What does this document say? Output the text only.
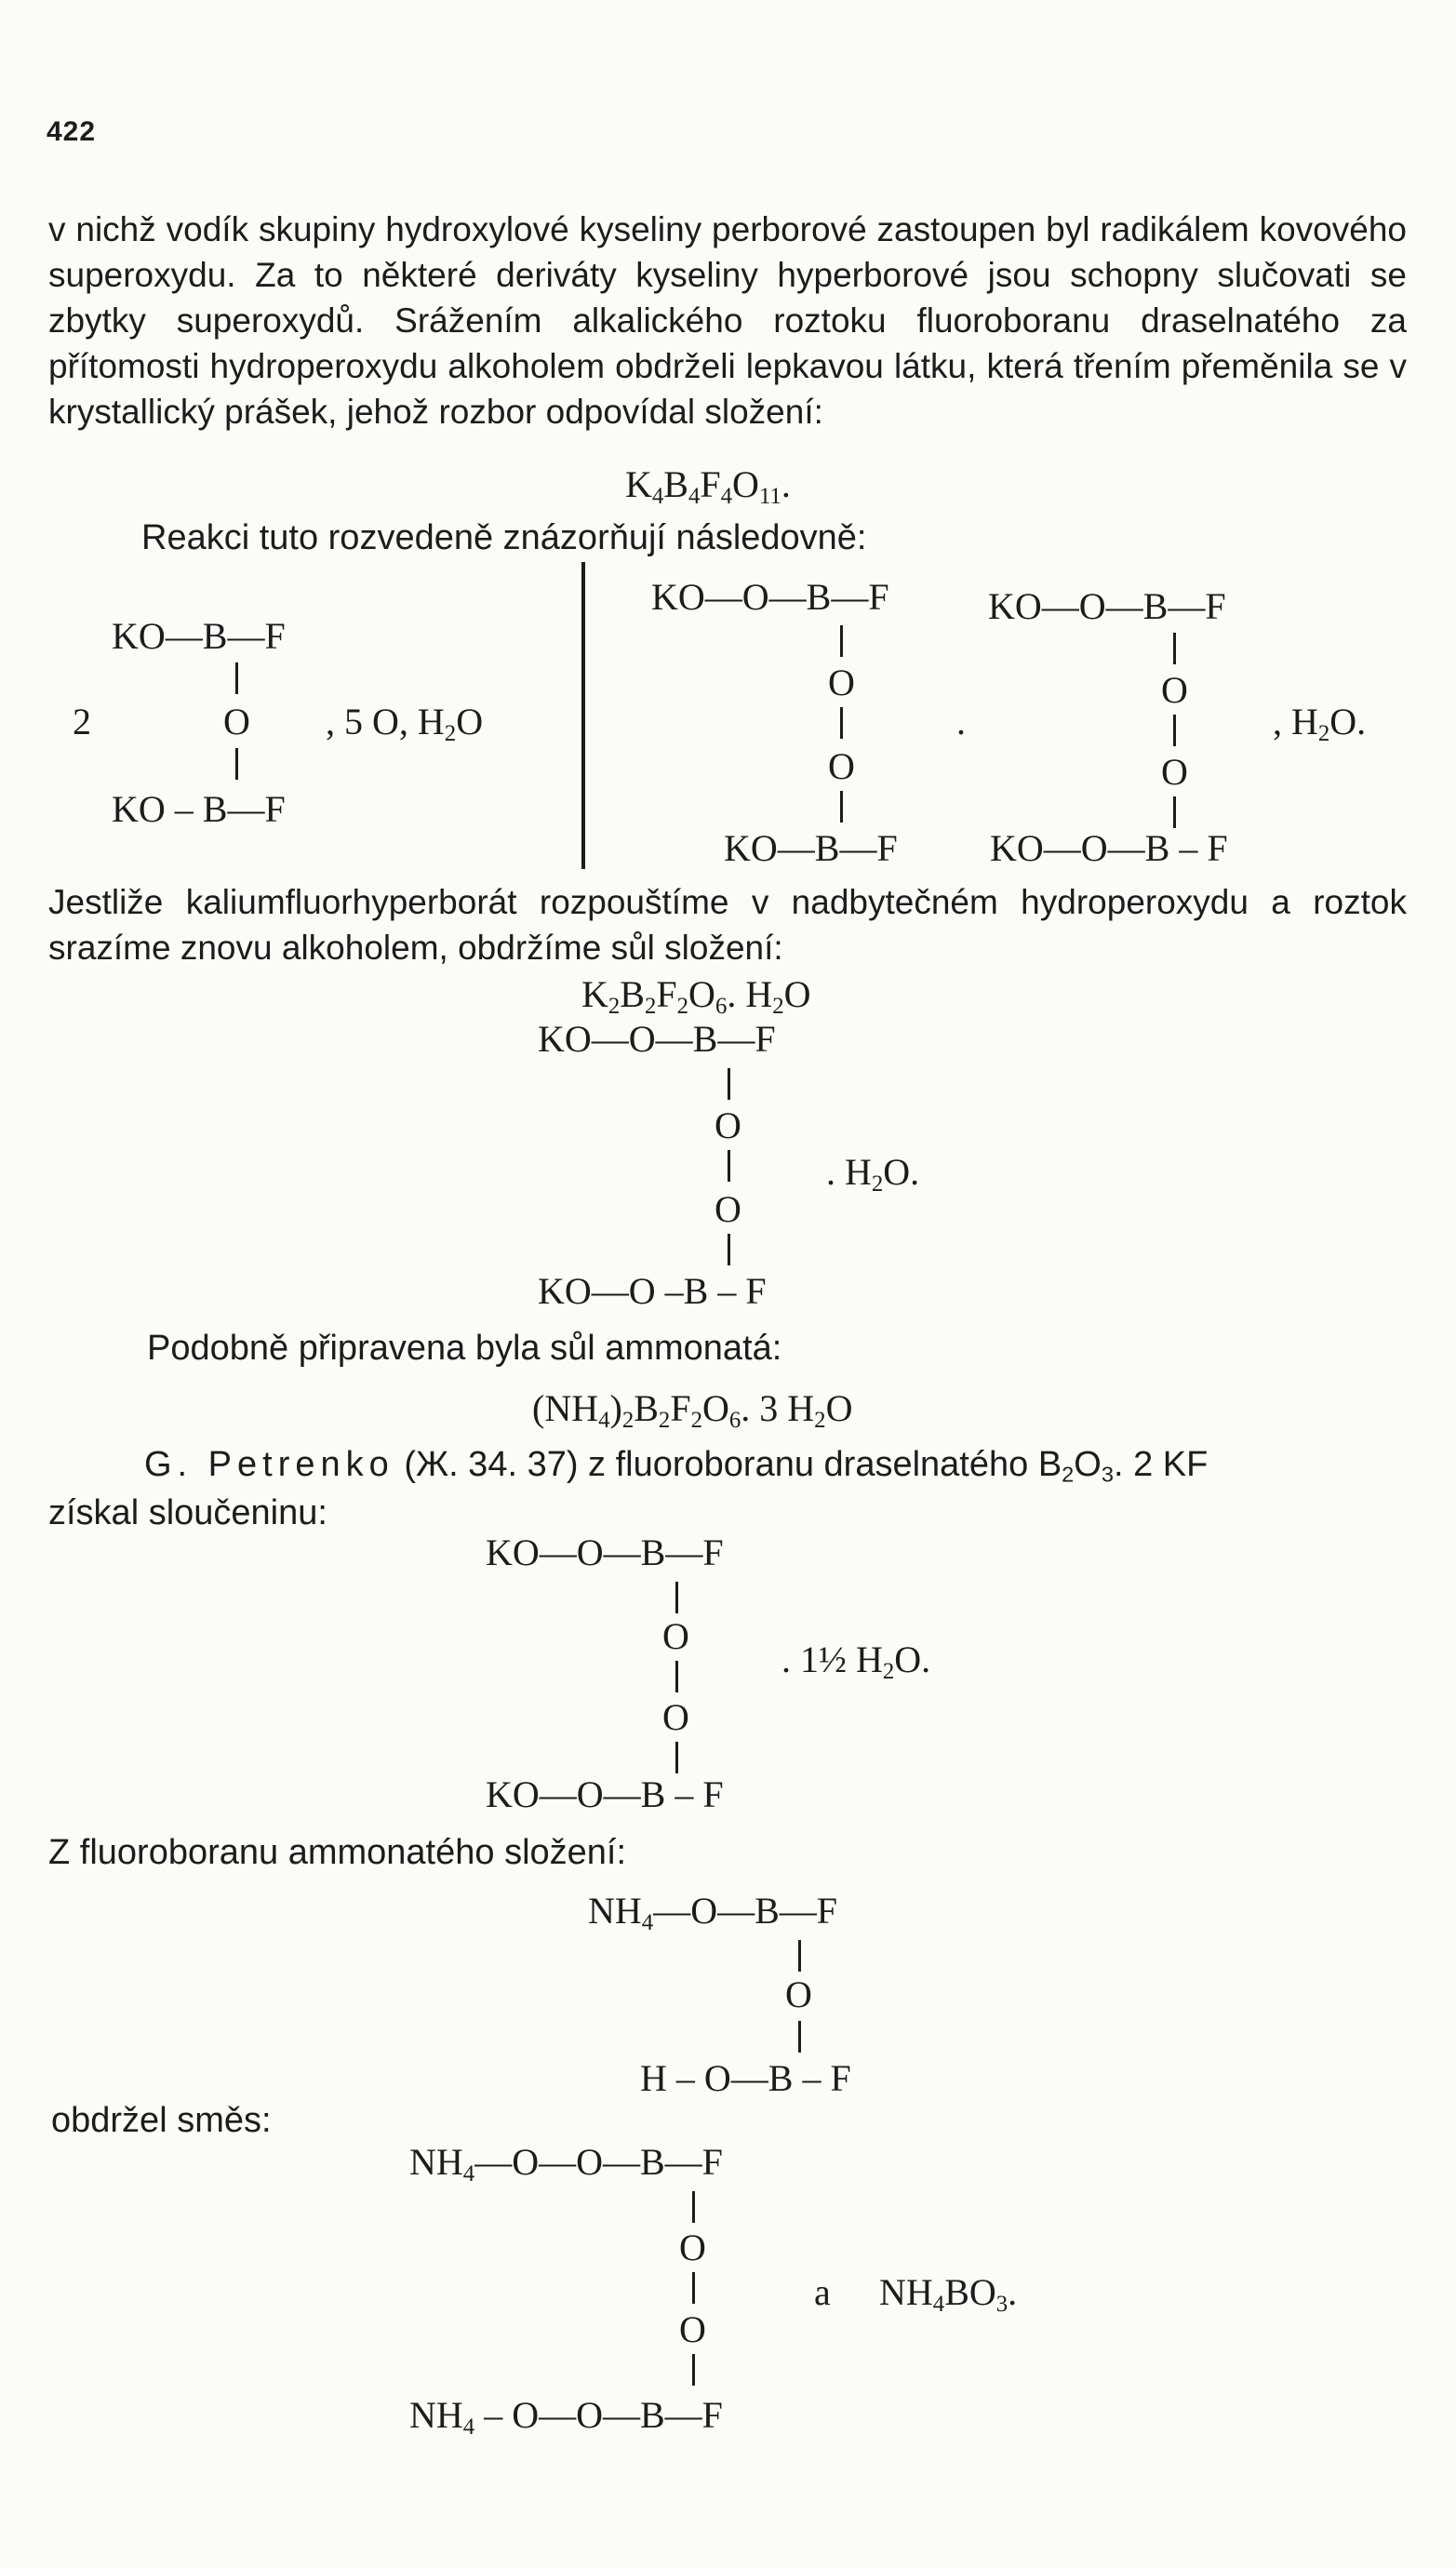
422
v nichž vodík skupiny hydroxylové kyseliny perborové zastoupen byl radikálem kovového superoxydu. Za to některé deriváty kyseliny hyperborové jsou schopny slučovati se zbytky superoxydů. Srážením alkalického roztoku fluoroboranu draselnatého za přítomosti hydroperoxydu alkoholem obdrželi lepkavou látku, která třením přeměnila se v krystallický prášek, jehož rozbor odpovídal složení:
$K_4B_4F_4O_{11}$.
Reakci tuto rozvedeně znázorňují následovně:
KO—B—F
2	O , 5 O, $H_2O$
KO – B—F
KO—O—B—F
O
O
KO—B—F
.
KO—O—B—F
O
O
KO—O—B – F
, $H_2O$.
Jestliže kaliumfluorhyperborát rozpouštíme v nadbytečném hydroperoxydu a roztok srazíme znovu alkoholem, obdržíme sůl složení:
$K_2B_2F_2O_6$. $H_2O$
KO—O—B—F
O
. $H_2O$.
O
KO—O –B – F
Podobně připravena byla sůl ammonatá:
$(NH_4)_2B_2F_2O_6$. 3 $H_2O$
G. Petrenko (Ж. 34. 37) z fluoroboranu draselnatého $B_2O_3$. 2 KF
získal sloučeninu:
KO—O—B—F
O
. 1½ $H_2O$.
O
KO—O—B – F
Z fluoroboranu ammonatého složení:
$NH_4—O—B—F$
O
H – O—B – F
obdržel směs:
$NH_4—O—O—B—F$
O
a $NH_4BO_3$.
O
$NH_4$ – O—O—B—F
